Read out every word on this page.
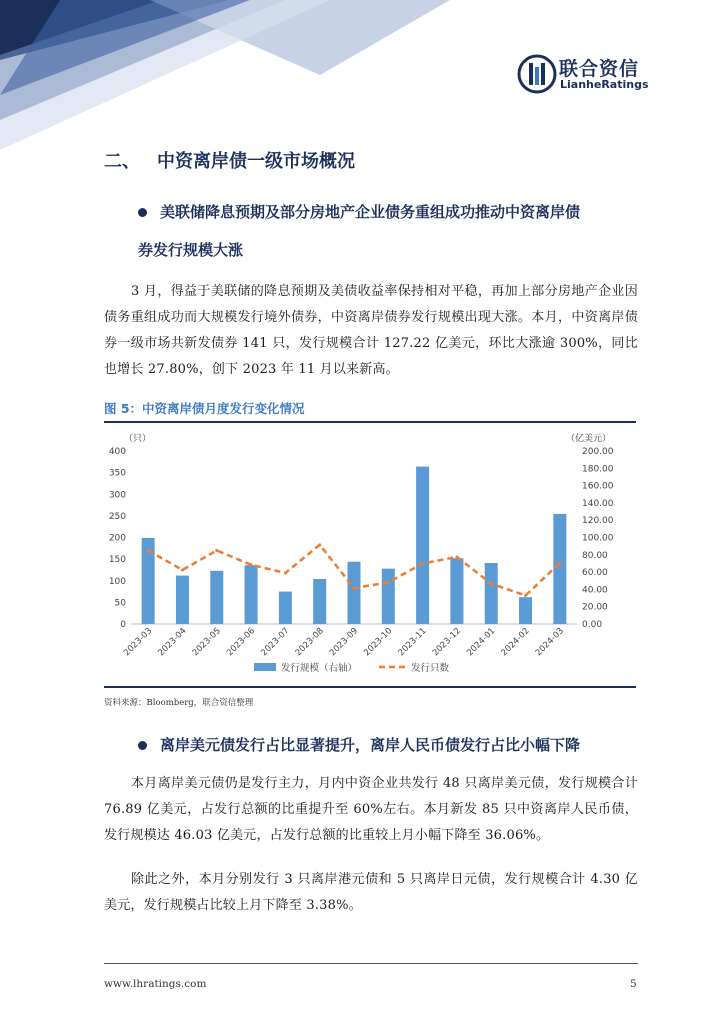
联合资信
LianheRatings
二、 中资离岸债一级市场概况
美联储降息预期及部分房地产企业债务重组成功推动中资离岸债
券发行规模大涨

3 月，得益于美联储的降息预期及美债收益率保持相对平稳，再加上部分房地产企业因债务重组成功而大规模发行境外债券，中资离岸债券发行规模出现大涨。本月，中资离岸债券一级市场共新发债券 141 只，发行规模合计 127.22 亿美元，环比大涨逾 300%，同比也增长 27.80%，创下 2023 年 11 月以来新高。

图 5：中资离岸债月度发行变化情况
（只）	（亿美元）
0
50
100
150
200
250
300
350
400
0.00
20.00
40.00
60.00
80.00
100.00
120.00
140.00
160.00
180.00
200.00
2023-03 2023-04 2023-05 2023-06 2023-07 2023-08 2023-09 2023-10 2023-11 2023-12 2024-01 2024-02 2024-03
发行规模（右轴）	发行只数
资料来源：Bloomberg，联合资信整理
离岸美元债发行占比显著提升，离岸人民币债发行占比小幅下降

本月离岸美元债仍是发行主力，月内中资企业共发行 48 只离岸美元债，发行规模合计 76.89 亿美元，占发行总额的比重提升至 60%左右。本月新发 85 只中资离岸人民币债，发行规模达 46.03 亿美元，占发行总额的比重较上月小幅下降至 36.06%。

除此之外，本月分别发行 3 只离岸港元债和 5 只离岸日元债，发行规模合计 4.30 亿美元，发行规模占比较上月下降至 3.38%。

www.lhratings.com	5
